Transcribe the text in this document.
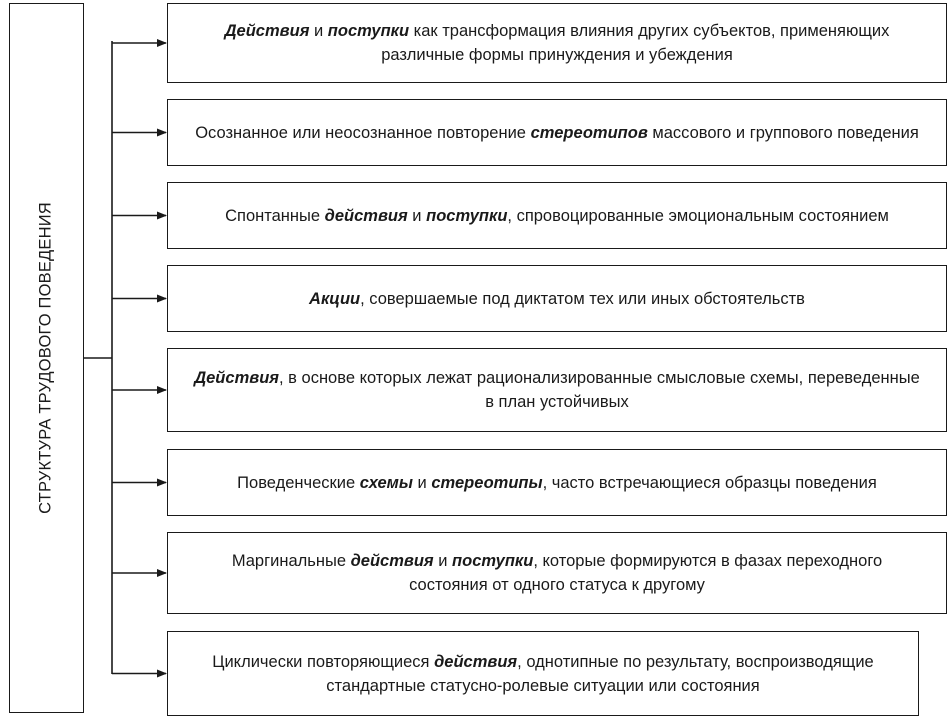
СТРУКТУРА ТРУДОВОГО ПОВЕДЕНИЯ
Действия и поступки как трансформация влияния других субъектов, применяющих
различные формы принуждения и убеждения
Осознанное или неосознанное повторение стереотипов массового и группового поведения
Спонтанные действия и поступки, спровоцированные эмоциональным состоянием
Акции, совершаемые под диктатом тех или иных обстоятельств
Действия, в основе которых лежат рационализированные смысловые схемы, переведенные
в план устойчивых
Поведенческие схемы и стереотипы, часто встречающиеся образцы поведения
Маргинальные действия и поступки, которые формируются в фазах переходного
состояния от одного статуса к другому
Циклически повторяющиеся действия, однотипные по результату, воспроизводящие
стандартные статусно-ролевые ситуации или состояния
